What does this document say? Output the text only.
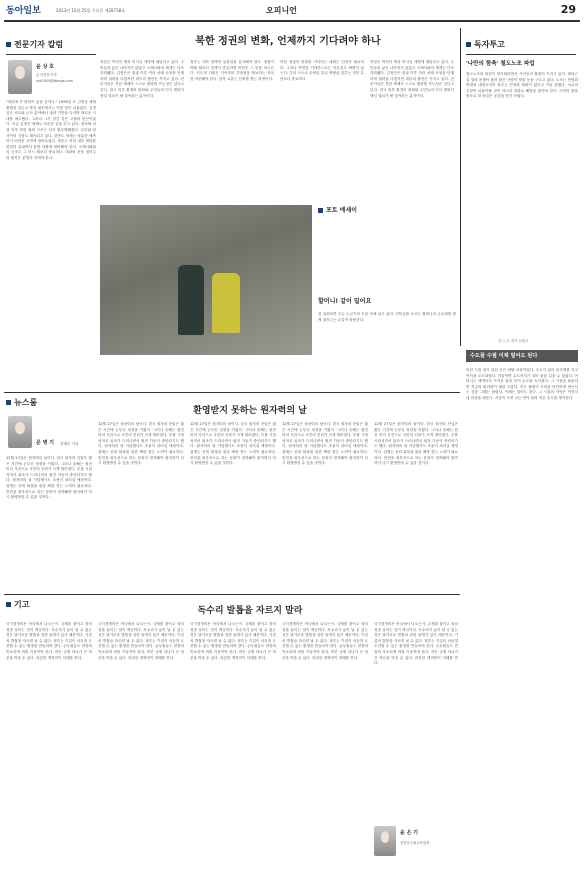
동아일보	2013년 12월 25일 수요일 제28738호	오피니언	29
전문기자 칼럼
윤 상 호
군사전문기자
ysh1005@donga.com
"내년에 큰 변화가 있을 것이다." 1990년 초 김정일 체제 출범을 앞두고 북한 내부에서는 이런 말이 나돌았다. 김정일은 외교와 군사 분야에서 권력 기반을 다지며 새로운 시대를 예고했다. 그러나 그가 남긴 것은 고립과 빈곤이었다. 지금 김정은 체제도 비슷한 길을 걷고 있다. 장성택 처형 이후 북한 권력 구조는 더욱 불투명해졌다. 군부와 당 사이의 긴장도 계속되고 있다. 한반도 정세는 당분간 예측하기 어려운 국면에 접어들었다. 정부는 북한 내부 변화를 면밀히 살피면서 돌발 상황에 대비해야 한다. 국제사회와의 공조도 그 어느 때보다 중요하다. 대화의 문을 열어두되 원칙은 분명히 지켜야 한다.
북한 정권의 변화, 언제까지 기다려야 하나
북한은 여전히 핵과 미사일 개발에 매달리고 있다. 주민들의 삶은 나아지지 않았고 국제사회의 제재는 더욱 강화됐다. 김정은은 집권 이후 여러 차례 숙청을 단행하며 권력을 다졌지만 내부의 불안은 커지고 있다. 전문가들은 북한 체제가 스스로 변화할 가능성은 낮다고 본다. 결국 외부 환경의 변화와 주민들의 인식 변화가 핵심 열쇠가 될 것이라는 분석이다.
정부는 대북 정책의 일관성을 유지해야 한다. 정권이 바뀔 때마다 정책이 흔들리면 북한은 그 틈을 파고든다. 인도적 지원은 지속하되 투명성을 확보하는 장치를 마련해야 한다. 남북 교류는 신뢰를 쌓는 과정이다.
북한 정권의 변화를 기다리는 데에는 인내가 필요하다. 그러나 막연한 기대만으로는 아무것도 바뀌지 않는다. 우리 스스로 준비된 통일 역량을 갖추는 것이 무엇보다 중요하다.
북한은 여전히 핵과 미사일 개발에 매달리고 있다. 주민들의 삶은 나아지지 않았고 국제사회의 제재는 더욱 강화됐다. 김정은은 집권 이후 여러 차례 숙청을 단행하며 권력을 다졌지만 내부의 불안은 커지고 있다. 전문가들은 북한 체제가 스스로 변화할 가능성은 낮다고 본다. 결국 외부 환경의 변화와 주민들의 인식 변화가 핵심 열쇠가 될 것이라는 분석이다.
독자투고
'나만의 함축' 철도노조 파업
철도노조의 파업이 장기화되면서 시민들의 불편이 커지고 있다. 출퇴근길 열차 운행이 줄어 많은 사람이 발을 동동 구르고 있다. 노조는 민영화 반대를 내세우지만 정부는 민영화 계획이 없다고 거듭 밝혔다. 서로의 주장만 되풀이할 것이 아니라 대화로 해법을 찾아야 한다. 국민의 발을 볼모로 한 파업은 공감을 얻기 어렵다.
김 ○ 수 경기 수원시
포토 에세이
할머니! 같이 밀어요
잘 살펴보면 모두 누군가의 도움 속에 살고 있다. 언덕길을 오르는 할머니의 손수레를 함께 밀어주는 손길이 따뜻하다.
수도꼴 수필 이제 밀어도 된다
어린 시절 내가 살던 곳은 비탈 마을이었다. 수도가 없어 물지게를 지고 언덕을 오르내렸다. 겨울이면 수도꼭지가 얼어 물을 길을 수 없었다. 어머니는 새벽마다 뜨거운 물을 부어 수도를 녹이셨다. 그 시절을 떠올리면 지금의 편리함이 새삼 고맙다. 작은 불편이 사람을 단단하게 만든다는 것을 그때는 몰랐다. 이제는 밀어도 된다. 그 시절의 기억은 여전히 내 마음을 데운다. 겨울이 오면 나는 언덕 위의 작은 수도를 생각한다.
뉴스룸
환영받지 못하는 원자력의 날
문 병 기 경제부 기자
12월 27일은 원자력의 날이다. 한국 원자력 산업은 짧은 기간에 눈부신 성장을 이뤘다. 그러나 올해는 원전 비리 사건으로 국민의 신뢰가 크게 떨어졌다. 부품 시험성적서 위조가 드러나면서 원전 가동이 중단되기도 했다. 원자력의 날 기념행사도 조용히 치러질 예정이다. 업계는 신뢰 회복을 위한 뼈를 깎는 노력이 필요하다. 안전을 최우선으로 하는 문화가 정착돼야 원자력이 다시 환영받을 수 있을 것이다.
12월 27일은 원자력의 날이다. 한국 원자력 산업은 짧은 기간에 눈부신 성장을 이뤘다. 그러나 올해는 원전 비리 사건으로 국민의 신뢰가 크게 떨어졌다. 부품 시험성적서 위조가 드러나면서 원전 가동이 중단되기도 했다. 원자력의 날 기념행사도 조용히 치러질 예정이다. 업계는 신뢰 회복을 위한 뼈를 깎는 노력이 필요하다. 안전을 최우선으로 하는 문화가 정착돼야 원자력이 다시 환영받을 수 있을 것이다.
12월 27일은 원자력의 날이다. 한국 원자력 산업은 짧은 기간에 눈부신 성장을 이뤘다. 그러나 올해는 원전 비리 사건으로 국민의 신뢰가 크게 떨어졌다. 부품 시험성적서 위조가 드러나면서 원전 가동이 중단되기도 했다. 원자력의 날 기념행사도 조용히 치러질 예정이다. 업계는 신뢰 회복을 위한 뼈를 깎는 노력이 필요하다. 안전을 최우선으로 하는 문화가 정착돼야 원자력이 다시 환영받을 수 있을 것이다.
12월 27일은 원자력의 날이다. 한국 원자력 산업은 짧은 기간에 눈부신 성장을 이뤘다. 그러나 올해는 원전 비리 사건으로 국민의 신뢰가 크게 떨어졌다. 부품 시험성적서 위조가 드러나면서 원전 가동이 중단되기도 했다. 원자력의 날 기념행사도 조용히 치러질 예정이다. 업계는 신뢰 회복을 위한 뼈를 깎는 노력이 필요하다. 안전을 최우선으로 하는 문화가 정착돼야 원자력이 다시 환영받을 수 있을 것이다.
12월 27일은 원자력의 날이다. 한국 원자력 산업은 짧은 기간에 눈부신 성장을 이뤘다. 그러나 올해는 원전 비리 사건으로 국민의 신뢰가 크게 떨어졌다. 부품 시험성적서 위조가 드러나면서 원전 가동이 중단되기도 했다. 원자력의 날 기념행사도 조용히 치러질 예정이다. 업계는 신뢰 회복을 위한 뼈를 깎는 노력이 필요하다. 안전을 최우선으로 하는 문화가 정착돼야 원자력이 다시 환영받을 수 있을 것이다.
기고
독수리 발톱을 자르지 말라
국가경쟁력은 어디에서 나오는가. 규제를 줄이고 창의성을 살리는 것이 핵심이다. 독수리가 높이 날 수 있는 것은 날카로운 발톱과 강한 날개가 있기 때문이다. 기업의 발톱을 자르면 날 수 없다. 정부는 기업이 마음껏 도전할 수 있는 환경을 만들어야 한다. 공무원들도 현장의 목소리에 귀를 기울여야 한다. 작은 규제 하나가 큰 혁신을 막을 수 있다. 과감한 개혁만이 미래를 연다.
국가경쟁력은 어디에서 나오는가. 규제를 줄이고 창의성을 살리는 것이 핵심이다. 독수리가 높이 날 수 있는 것은 날카로운 발톱과 강한 날개가 있기 때문이다. 기업의 발톱을 자르면 날 수 없다. 정부는 기업이 마음껏 도전할 수 있는 환경을 만들어야 한다. 공무원들도 현장의 목소리에 귀를 기울여야 한다. 작은 규제 하나가 큰 혁신을 막을 수 있다. 과감한 개혁만이 미래를 연다.
국가경쟁력은 어디에서 나오는가. 규제를 줄이고 창의성을 살리는 것이 핵심이다. 독수리가 높이 날 수 있는 것은 날카로운 발톱과 강한 날개가 있기 때문이다. 기업의 발톱을 자르면 날 수 없다. 정부는 기업이 마음껏 도전할 수 있는 환경을 만들어야 한다. 공무원들도 현장의 목소리에 귀를 기울여야 한다. 작은 규제 하나가 큰 혁신을 막을 수 있다. 과감한 개혁만이 미래를 연다.
국가경쟁력은 어디에서 나오는가. 규제를 줄이고 창의성을 살리는 것이 핵심이다. 독수리가 높이 날 수 있는 것은 날카로운 발톱과 강한 날개가 있기 때문이다. 기업의 발톱을 자르면 날 수 없다. 정부는 기업이 마음껏 도전할 수 있는 환경을 만들어야 한다. 공무원들도 현장의 목소리에 귀를 기울여야 한다. 작은 규제 하나가 큰 혁신을 막을 수 있다. 과감한 개혁만이 미래를 연다.
국가경쟁력은 어디에서 나오는가. 규제를 줄이고 창의성을 살리는 것이 핵심이다. 독수리가 높이 날 수 있는 것은 날카로운 발톱과 강한 날개가 있기 때문이다. 기업의 발톱을 자르면 날 수 없다. 정부는 기업이 마음껏 도전할 수 있는 환경을 만들어야 한다. 공무원들도 현장의 목소리에 귀를 기울여야 한다. 작은 규제 하나가 큰 혁신을 막을 수 있다. 과감한 개혁만이 미래를 연다.
윤 은 기
중앙공무원교육원장
